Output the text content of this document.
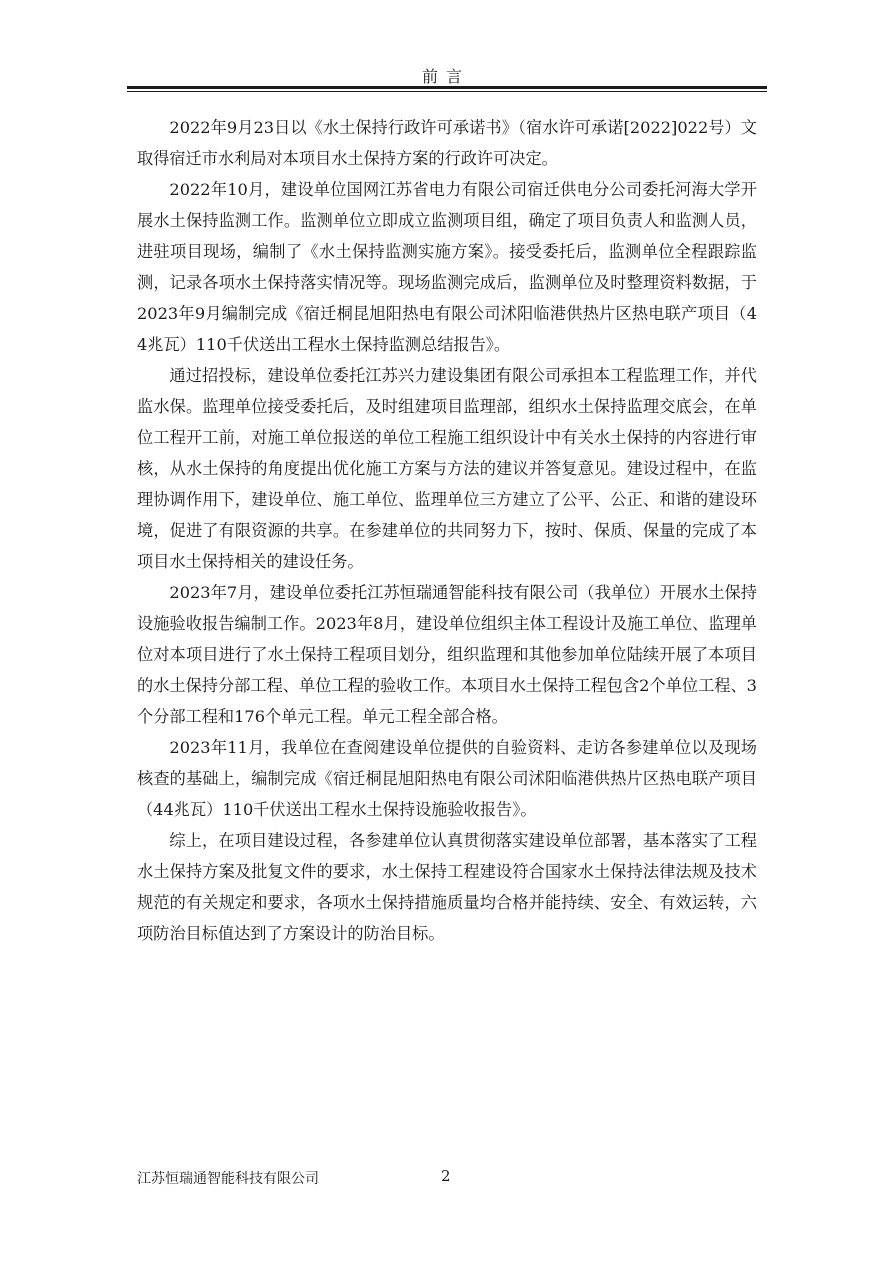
前言

2022年9月23日以《水土保持行政许可承诺书》（宿水许可承诺[2022]022号）文取得宿迁市水利局对本项目水土保持方案的行政许可决定。

2022年10月，建设单位国网江苏省电力有限公司宿迁供电分公司委托河海大学开展水土保持监测工作。监测单位立即成立监测项目组，确定了项目负责人和监测人员，进驻项目现场，编制了《水土保持监测实施方案》。接受委托后，监测单位全程跟踪监测，记录各项水土保持落实情况等。现场监测完成后，监测单位及时整理资料数据，于2023年9月编制完成《宿迁桐昆旭阳热电有限公司沭阳临港供热片区热电联产项目（44兆瓦）110千伏送出工程水土保持监测总结报告》。

通过招投标，建设单位委托江苏兴力建设集团有限公司承担本工程监理工作，并代监水保。监理单位接受委托后，及时组建项目监理部，组织水土保持监理交底会，在单位工程开工前，对施工单位报送的单位工程施工组织设计中有关水土保持的内容进行审核，从水土保持的角度提出优化施工方案与方法的建议并答复意见。建设过程中，在监理协调作用下，建设单位、施工单位、监理单位三方建立了公平、公正、和谐的建设环境，促进了有限资源的共享。在参建单位的共同努力下，按时、保质、保量的完成了本项目水土保持相关的建设任务。

2023年7月，建设单位委托江苏恒瑞通智能科技有限公司（我单位）开展水土保持设施验收报告编制工作。2023年8月，建设单位组织主体工程设计及施工单位、监理单位对本项目进行了水土保持工程项目划分，组织监理和其他参加单位陆续开展了本项目的水土保持分部工程、单位工程的验收工作。本项目水土保持工程包含2个单位工程、3个分部工程和176个单元工程。单元工程全部合格。

2023年11月，我单位在查阅建设单位提供的自验资料、走访各参建单位以及现场核查的基础上，编制完成《宿迁桐昆旭阳热电有限公司沭阳临港供热片区热电联产项目（44兆瓦）110千伏送出工程水土保持设施验收报告》。

综上，在项目建设过程，各参建单位认真贯彻落实建设单位部署，基本落实了工程水土保持方案及批复文件的要求，水土保持工程建设符合国家水土保持法律法规及技术规范的有关规定和要求，各项水土保持措施质量均合格并能持续、安全、有效运转，六项防治目标值达到了方案设计的防治目标。

江苏恒瑞通智能科技有限公司	2
